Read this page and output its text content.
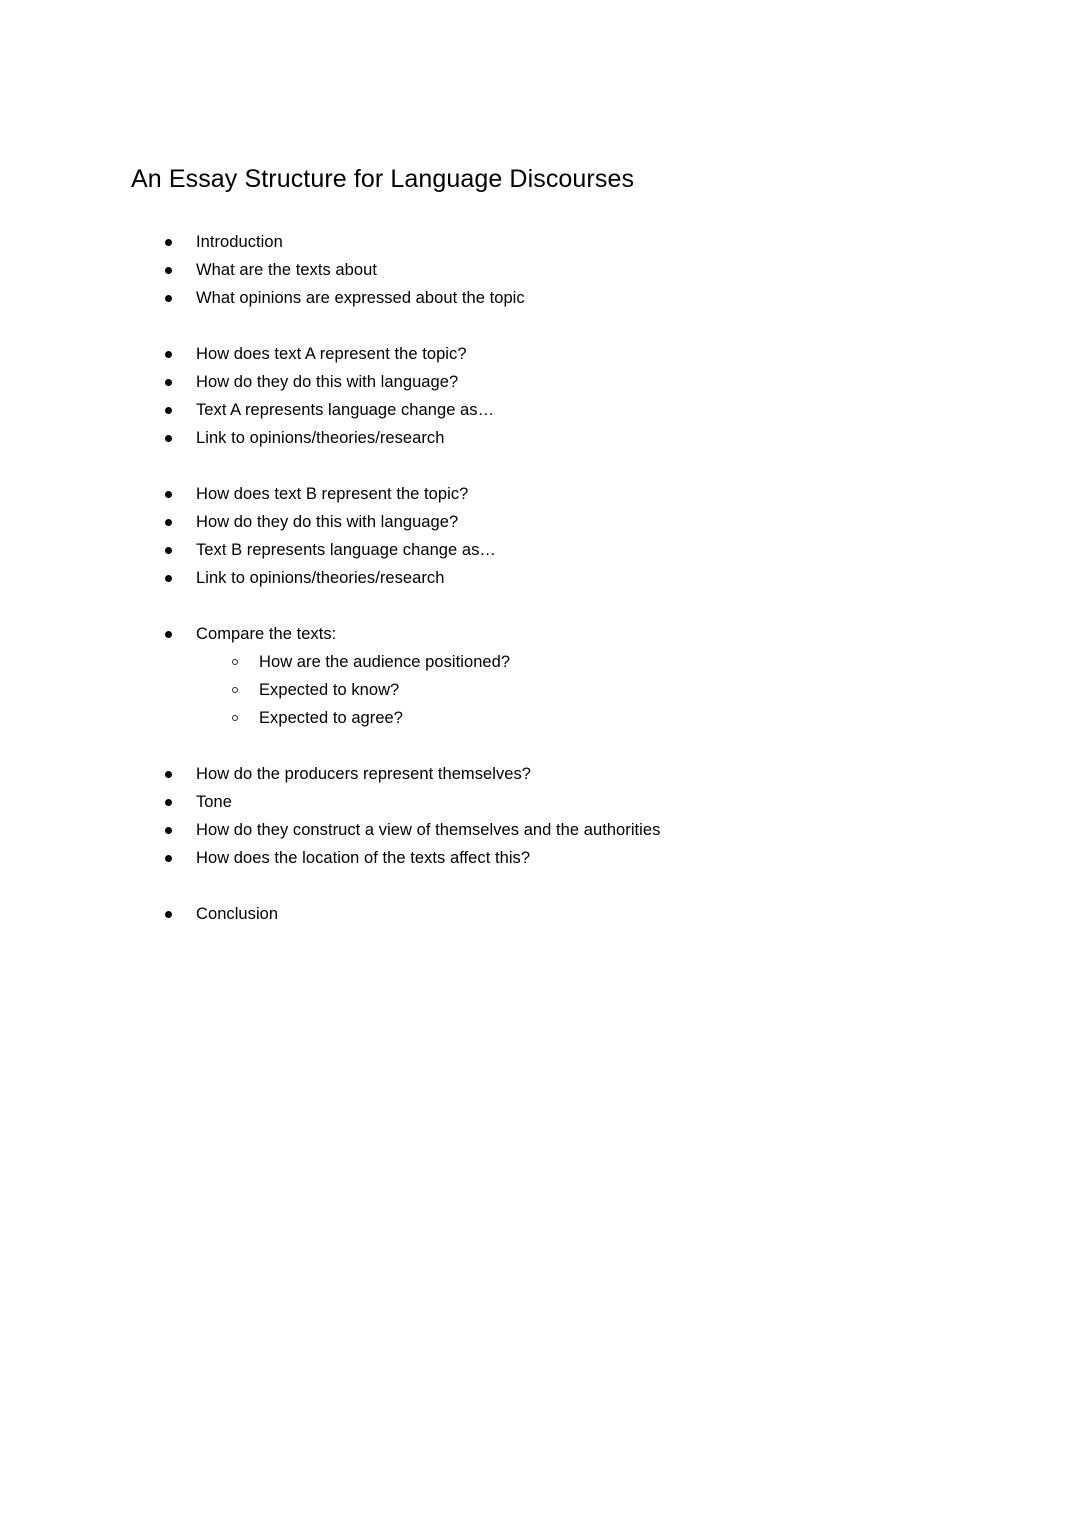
An Essay Structure for Language Discourses
Introduction
What are the texts about
What opinions are expressed about the topic
How does text A represent the topic?
How do they do this with language?
Text A represents language change as…
Link to opinions/theories/research
How does text B represent the topic?
How do they do this with language?
Text B represents language change as…
Link to opinions/theories/research
Compare the texts:
How are the audience positioned?
Expected to know?
Expected to agree?
How do the producers represent themselves?
Tone
How do they construct a view of themselves and the authorities
How does the location of the texts affect this?
Conclusion
